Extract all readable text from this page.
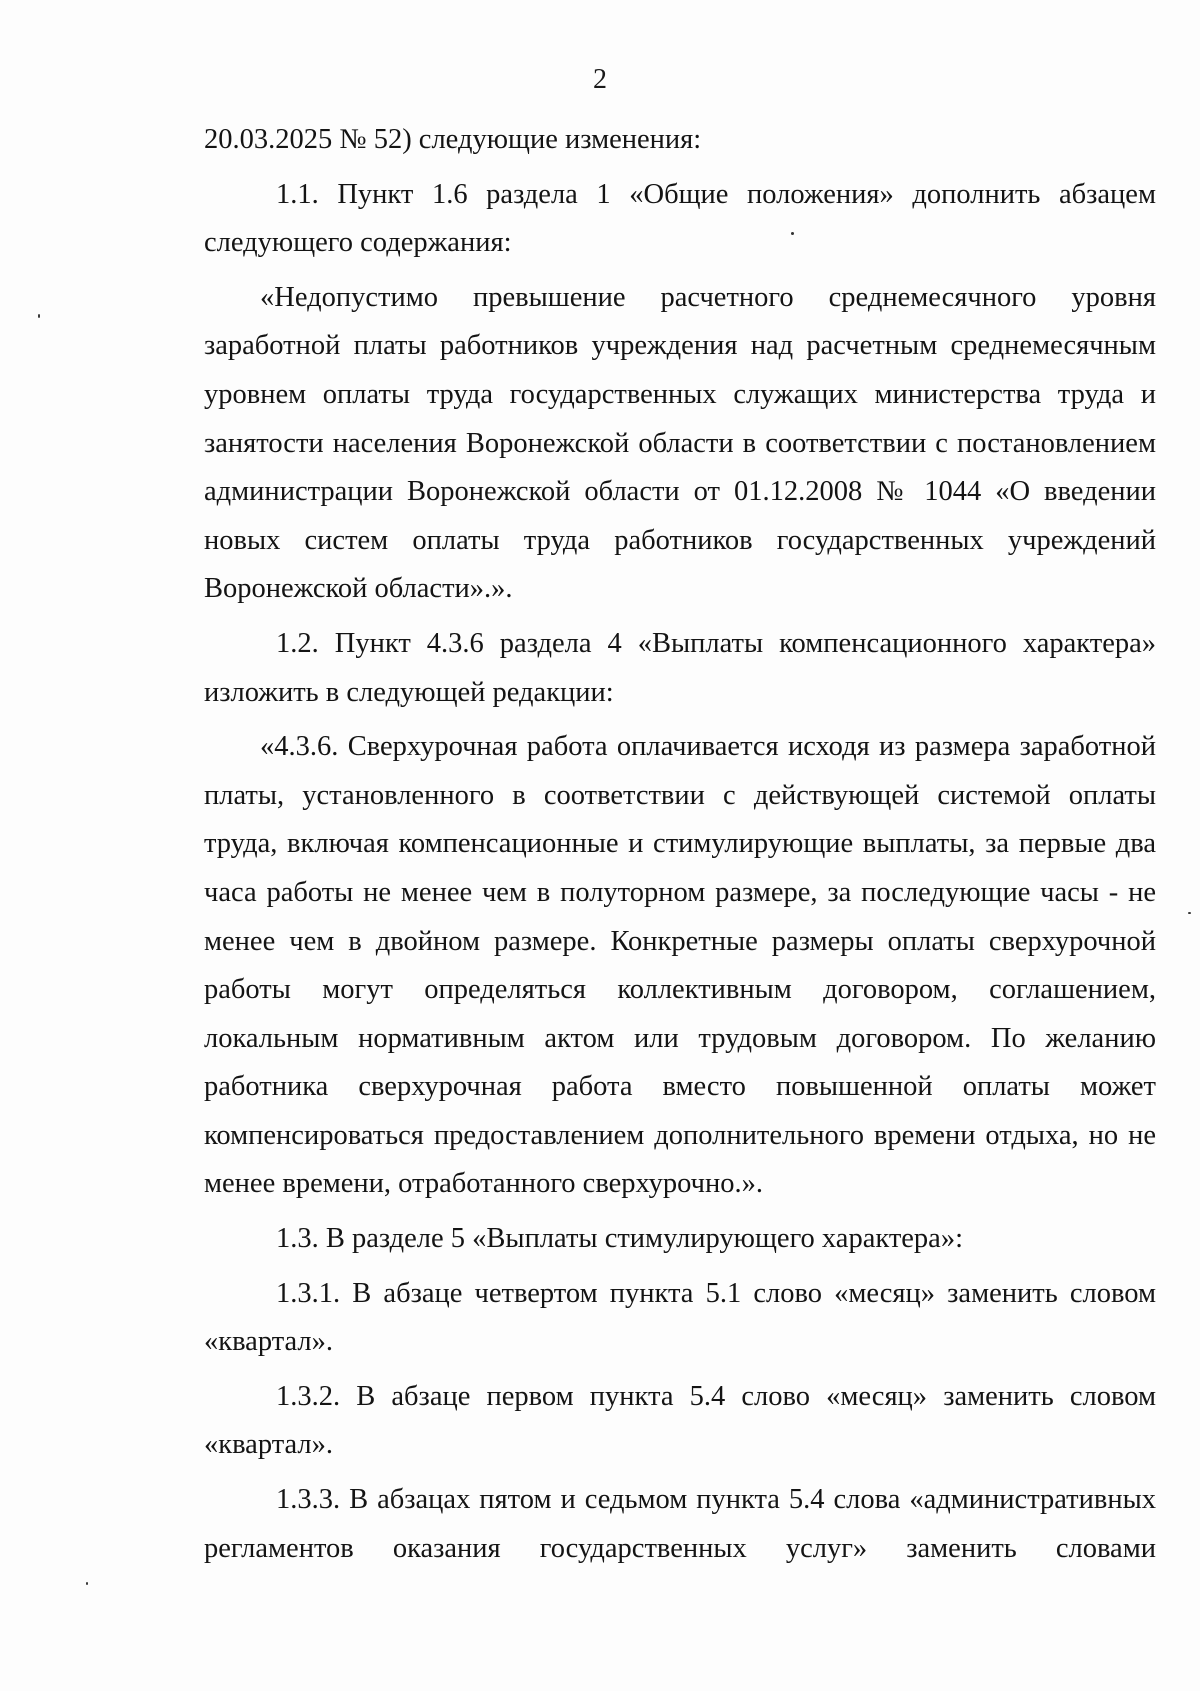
2

20.03.2025 № 52) следующие изменения:

1.1. Пункт 1.6 раздела 1 «Общие положения» дополнить абзацем следующего содержания:

«Недопустимо превышение расчетного среднемесячного уровня заработной платы работников учреждения над расчетным среднемесячным уровнем оплаты труда государственных служащих министерства труда и занятости населения Воронежской области в соответствии с постановлением администрации Воронежской области от 01.12.2008 № 1044 «О введении новых систем оплаты труда работников государственных учреждений Воронежской области».».

1.2. Пункт 4.3.6 раздела 4 «Выплаты компенсационного характера» изложить в следующей редакции:

«4.3.6. Сверхурочная работа оплачивается исходя из размера заработной платы, установленного в соответствии с действующей системой оплаты труда, включая компенсационные и стимулирующие выплаты, за первые два часа работы не менее чем в полуторном размере, за последующие часы - не менее чем в двойном размере. Конкретные размеры оплаты сверхурочной работы могут определяться коллективным договором, соглашением, локальным нормативным актом или трудовым договором. По желанию работника сверхурочная работа вместо повышенной оплаты может компенсироваться предоставлением дополнительного времени отдыха, но не менее времени, отработанного сверхурочно.».

1.3. В разделе 5 «Выплаты стимулирующего характера»:

1.3.1. В абзаце четвертом пункта 5.1 слово «месяц» заменить словом «квартал».

1.3.2. В абзаце первом пункта 5.4 слово «месяц» заменить словом «квартал».

1.3.3. В абзацах пятом и седьмом пункта 5.4 слова «административных регламентов оказания государственных услуг» заменить словами
